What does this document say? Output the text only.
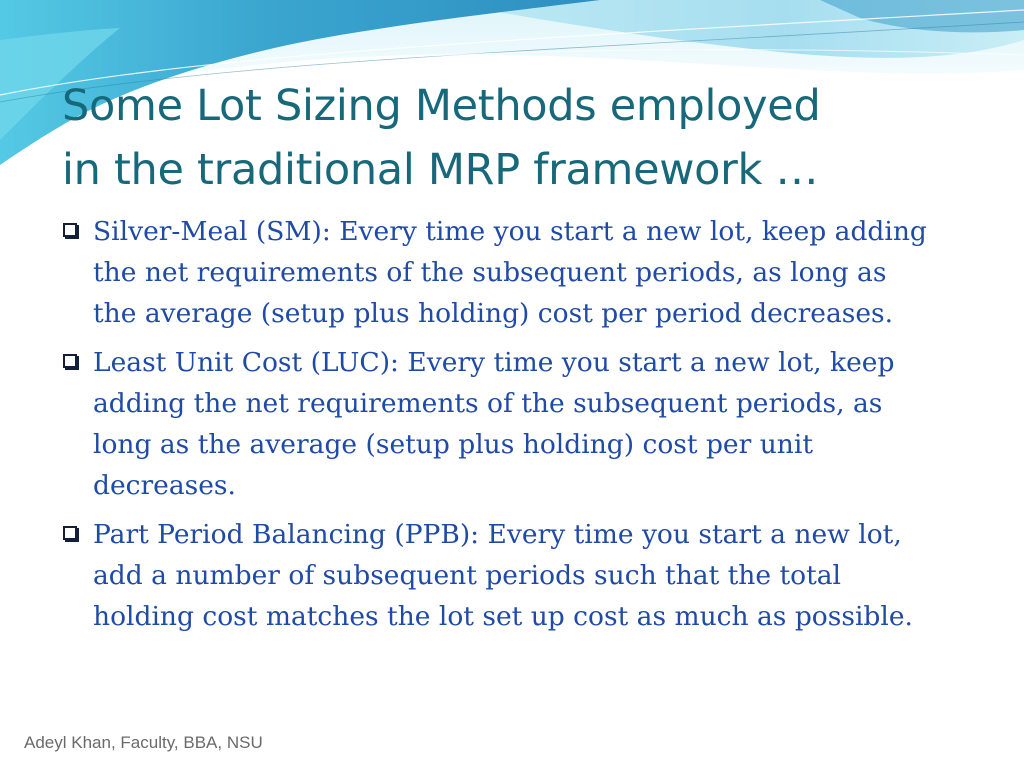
Some Lot Sizing Methods employed
in the traditional MRP framework …
Silver-Meal (SM): Every time you start a new lot, keep adding the net requirements of the subsequent periods, as long as the average (setup plus holding) cost per period decreases.
Least Unit Cost (LUC): Every time you start a new lot, keep adding the net requirements of the subsequent periods, as long as the average (setup plus holding) cost per unit decreases.
Part Period Balancing (PPB): Every time you start a new lot, add a number of subsequent periods such that the total holding cost matches the lot set up cost as much as possible.
Adeyl Khan, Faculty, BBA, NSU
